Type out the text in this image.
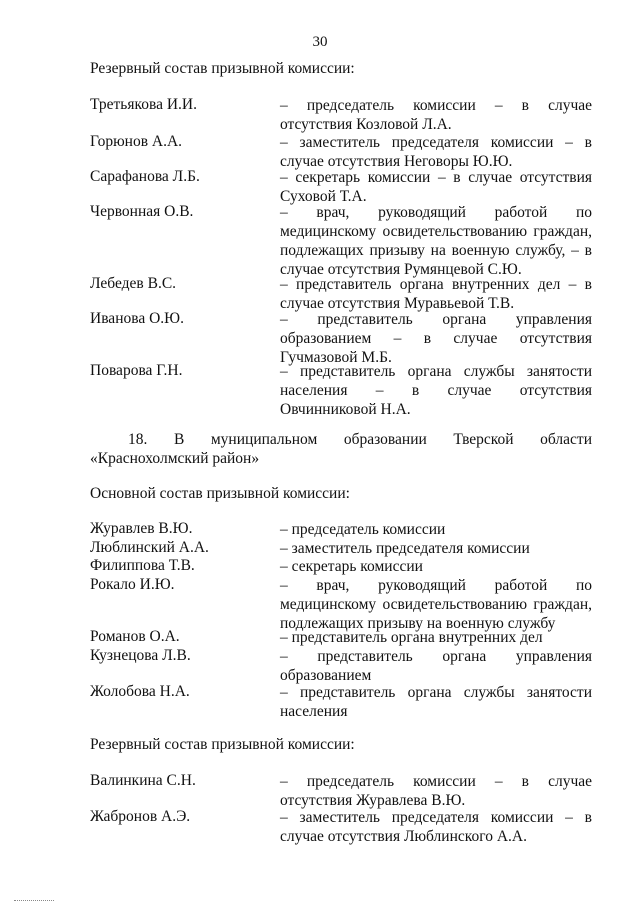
30
Резервный состав призывной комиссии:
Третьякова И.И.	– председатель комиссии – в случае
отсутствия Козловой Л.А.
Горюнов А.А.	– заместитель председателя комиссии – в
случае отсутствия Неговоры Ю.Ю.
Сарафанова Л.Б.	– секретарь комиссии – в случае отсутствия
Суховой Т.А.
Червонная О.В.	– врач, руководящий работой по
медицинскому освидетельствованию граждан,
подлежащих призыву на военную службу, – в
случае отсутствия Румянцевой С.Ю.
Лебедев В.С.	– представитель органа внутренних дел – в
случае отсутствия Муравьевой Т.В.
Иванова О.Ю.	– представитель органа управления
образованием – в случае отсутствия
Гучмазовой М.Б.
Поварова Г.Н.	– представитель органа службы занятости
населения – в случае отсутствия
Овчинниковой Н.А.
18. В муниципальном образовании Тверской области
«Краснохолмский район»
Основной состав призывной комиссии:
Журавлев В.Ю.	– председатель комиссии
Люблинский А.А.	– заместитель председателя комиссии
Филиппова Т.В.	– секретарь комиссии
Рокало И.Ю.	– врач, руководящий работой по
медицинскому освидетельствованию граждан,
подлежащих призыву на военную службу
Романов О.А.	– представитель органа внутренних дел
Кузнецова Л.В.	– представитель органа управления
образованием
Жолобова Н.А.	– представитель органа службы занятости
населения
Резервный состав призывной комиссии:
Валинкина С.Н.	– председатель комиссии – в случае
отсутствия Журавлева В.Ю.
Жабронов А.Э.	– заместитель председателя комиссии – в
случае отсутствия Люблинского А.А.
